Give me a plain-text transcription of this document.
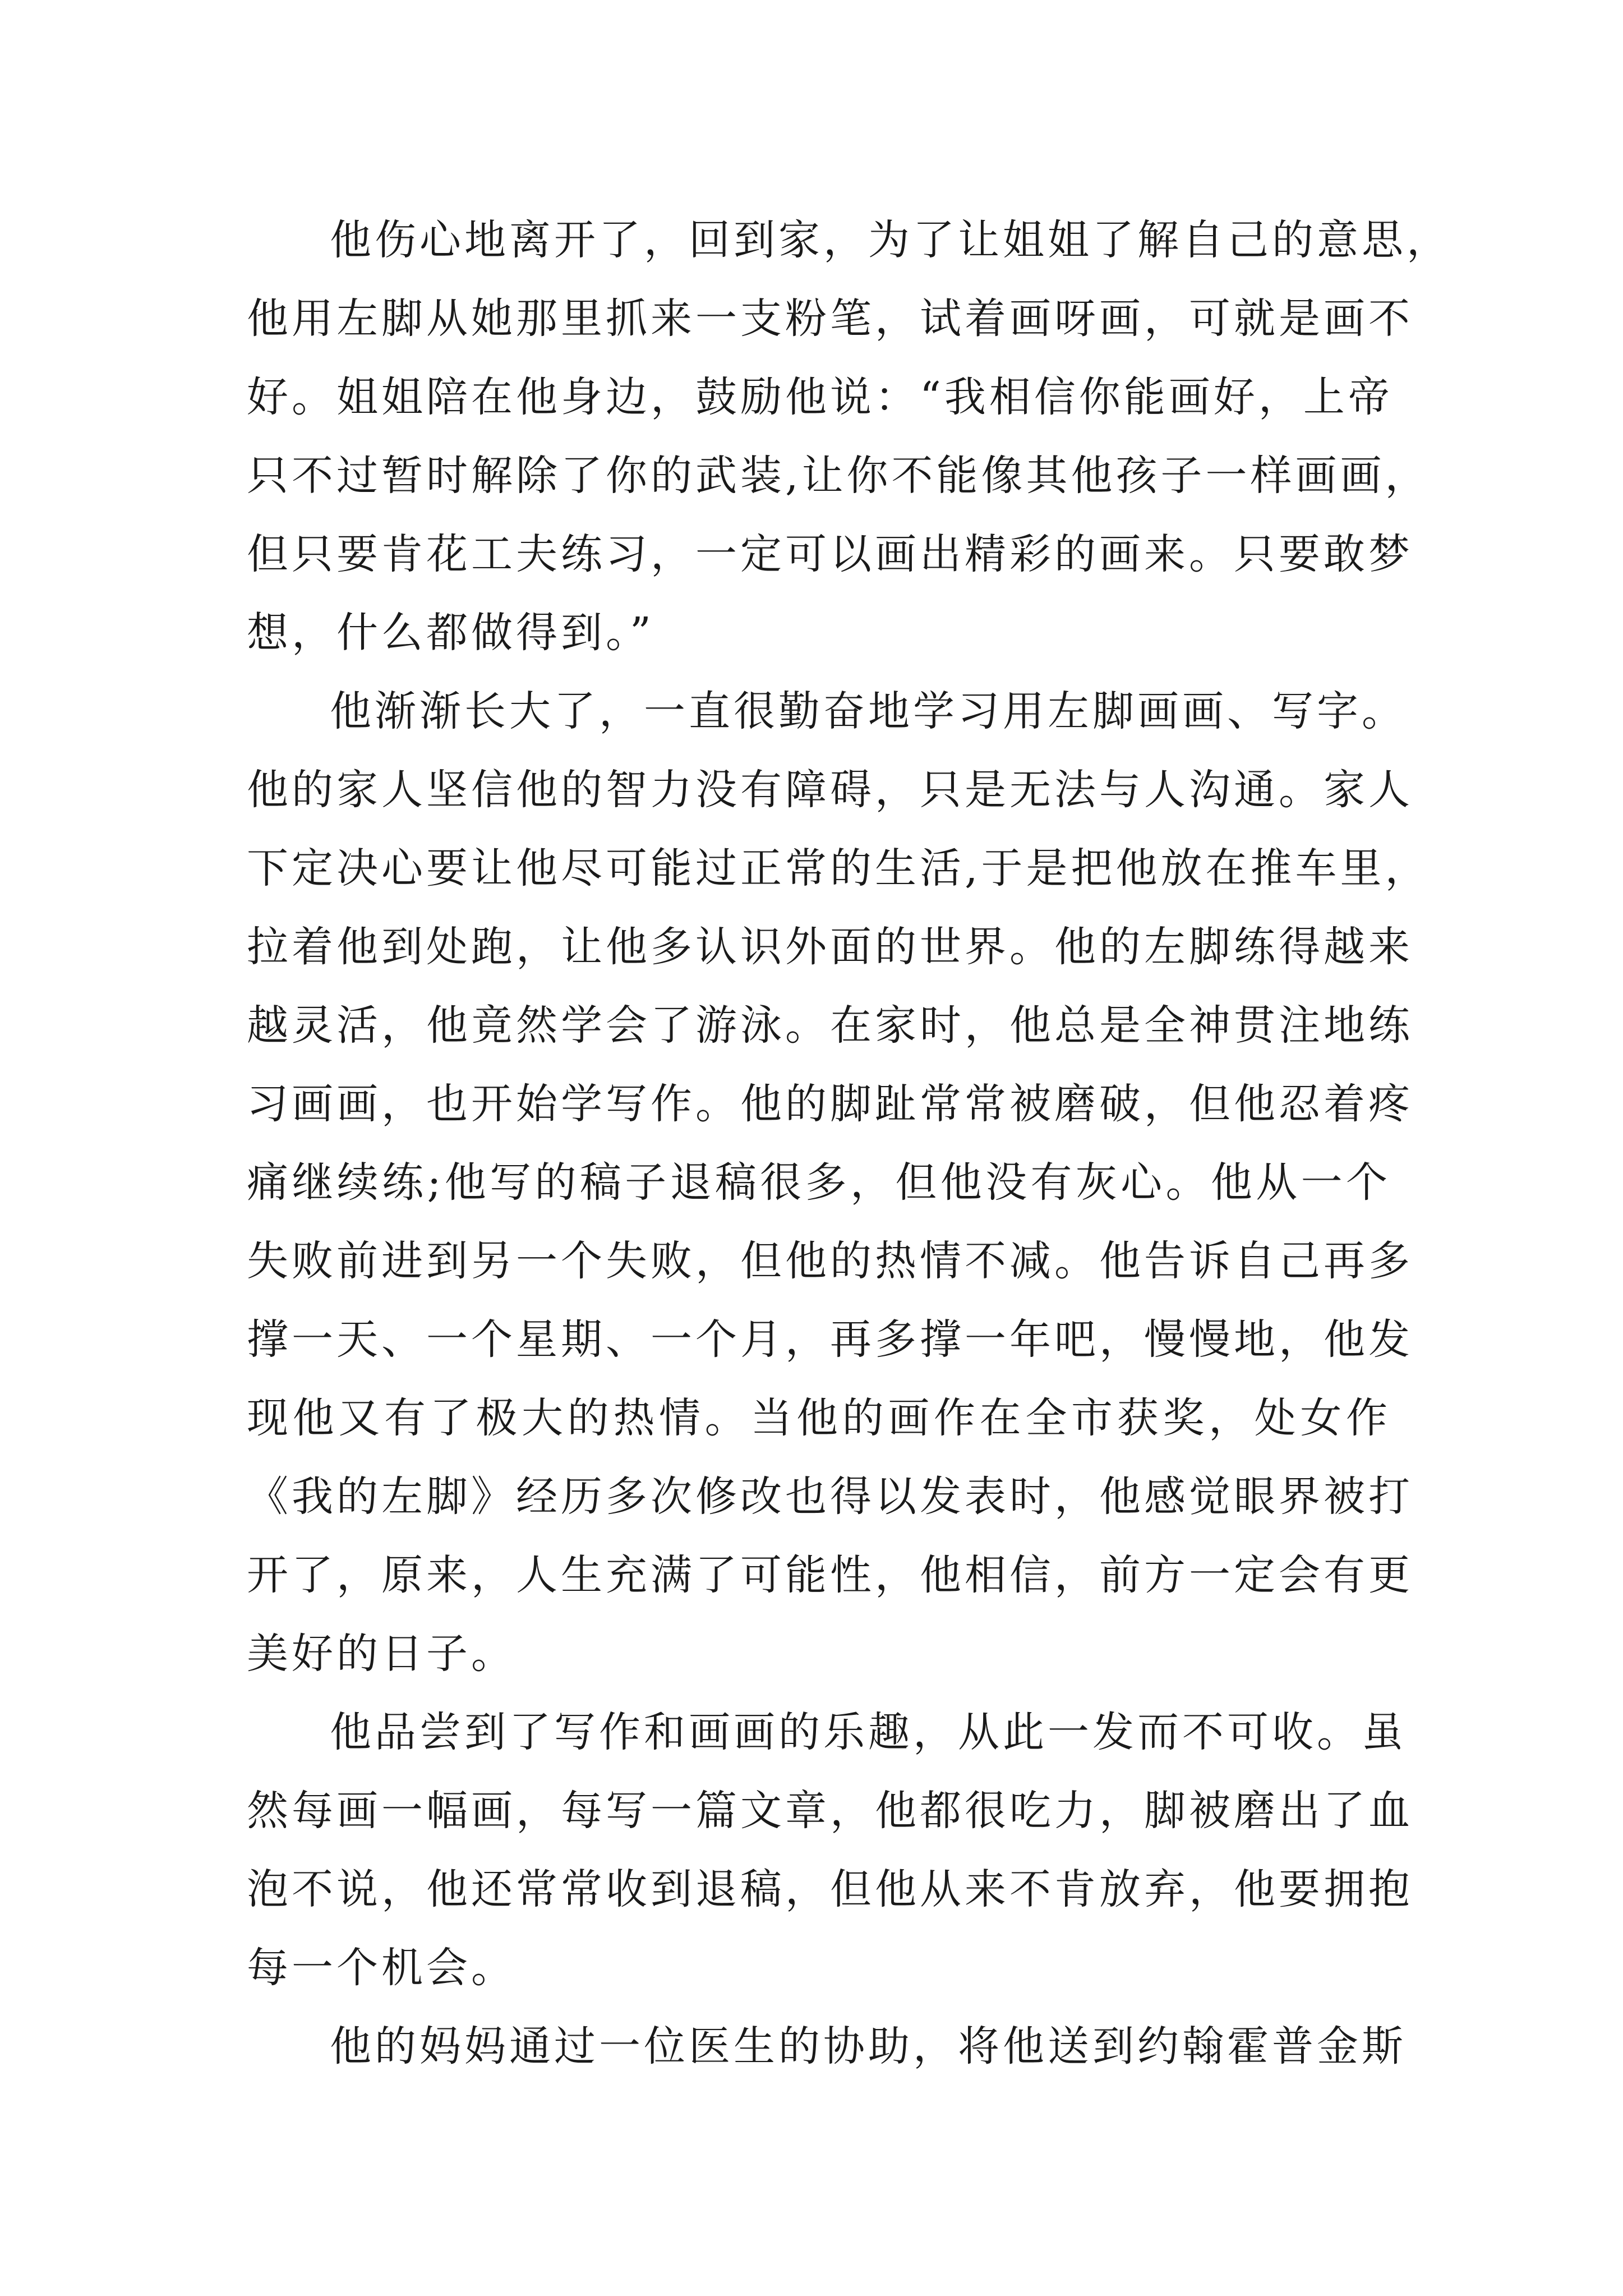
他伤心地离开了，回到家，为了让姐姐了解自己的意思，
他用左脚从她那里抓来一支粉笔，试着画呀画，可就是画不
好。姐姐陪在他身边，鼓励他说：“我相信你能画好，上帝
只不过暂时解除了你的武装,让你不能像其他孩子一样画画，
但只要肯花工夫练习，一定可以画出精彩的画来。只要敢梦
想，什么都做得到。”
他渐渐长大了，一直很勤奋地学习用左脚画画、写字。
他的家人坚信他的智力没有障碍，只是无法与人沟通。家人
下定决心要让他尽可能过正常的生活,于是把他放在推车里，
拉着他到处跑，让他多认识外面的世界。他的左脚练得越来
越灵活，他竟然学会了游泳。在家时，他总是全神贯注地练
习画画，也开始学写作。他的脚趾常常被磨破，但他忍着疼
痛继续练;他写的稿子退稿很多，但他没有灰心。他从一个
失败前进到另一个失败，但他的热情不减。他告诉自己再多
撑一天、一个星期、一个月，再多撑一年吧，慢慢地，他发
现他又有了极大的热情。当他的画作在全市获奖，处女作
《我的左脚》经历多次修改也得以发表时，他感觉眼界被打
开了，原来，人生充满了可能性，他相信，前方一定会有更
美好的日子。
他品尝到了写作和画画的乐趣，从此一发而不可收。虽
然每画一幅画，每写一篇文章，他都很吃力，脚被磨出了血
泡不说，他还常常收到退稿，但他从来不肯放弃，他要拥抱
每一个机会。
他的妈妈通过一位医生的协助，将他送到约翰霍普金斯
